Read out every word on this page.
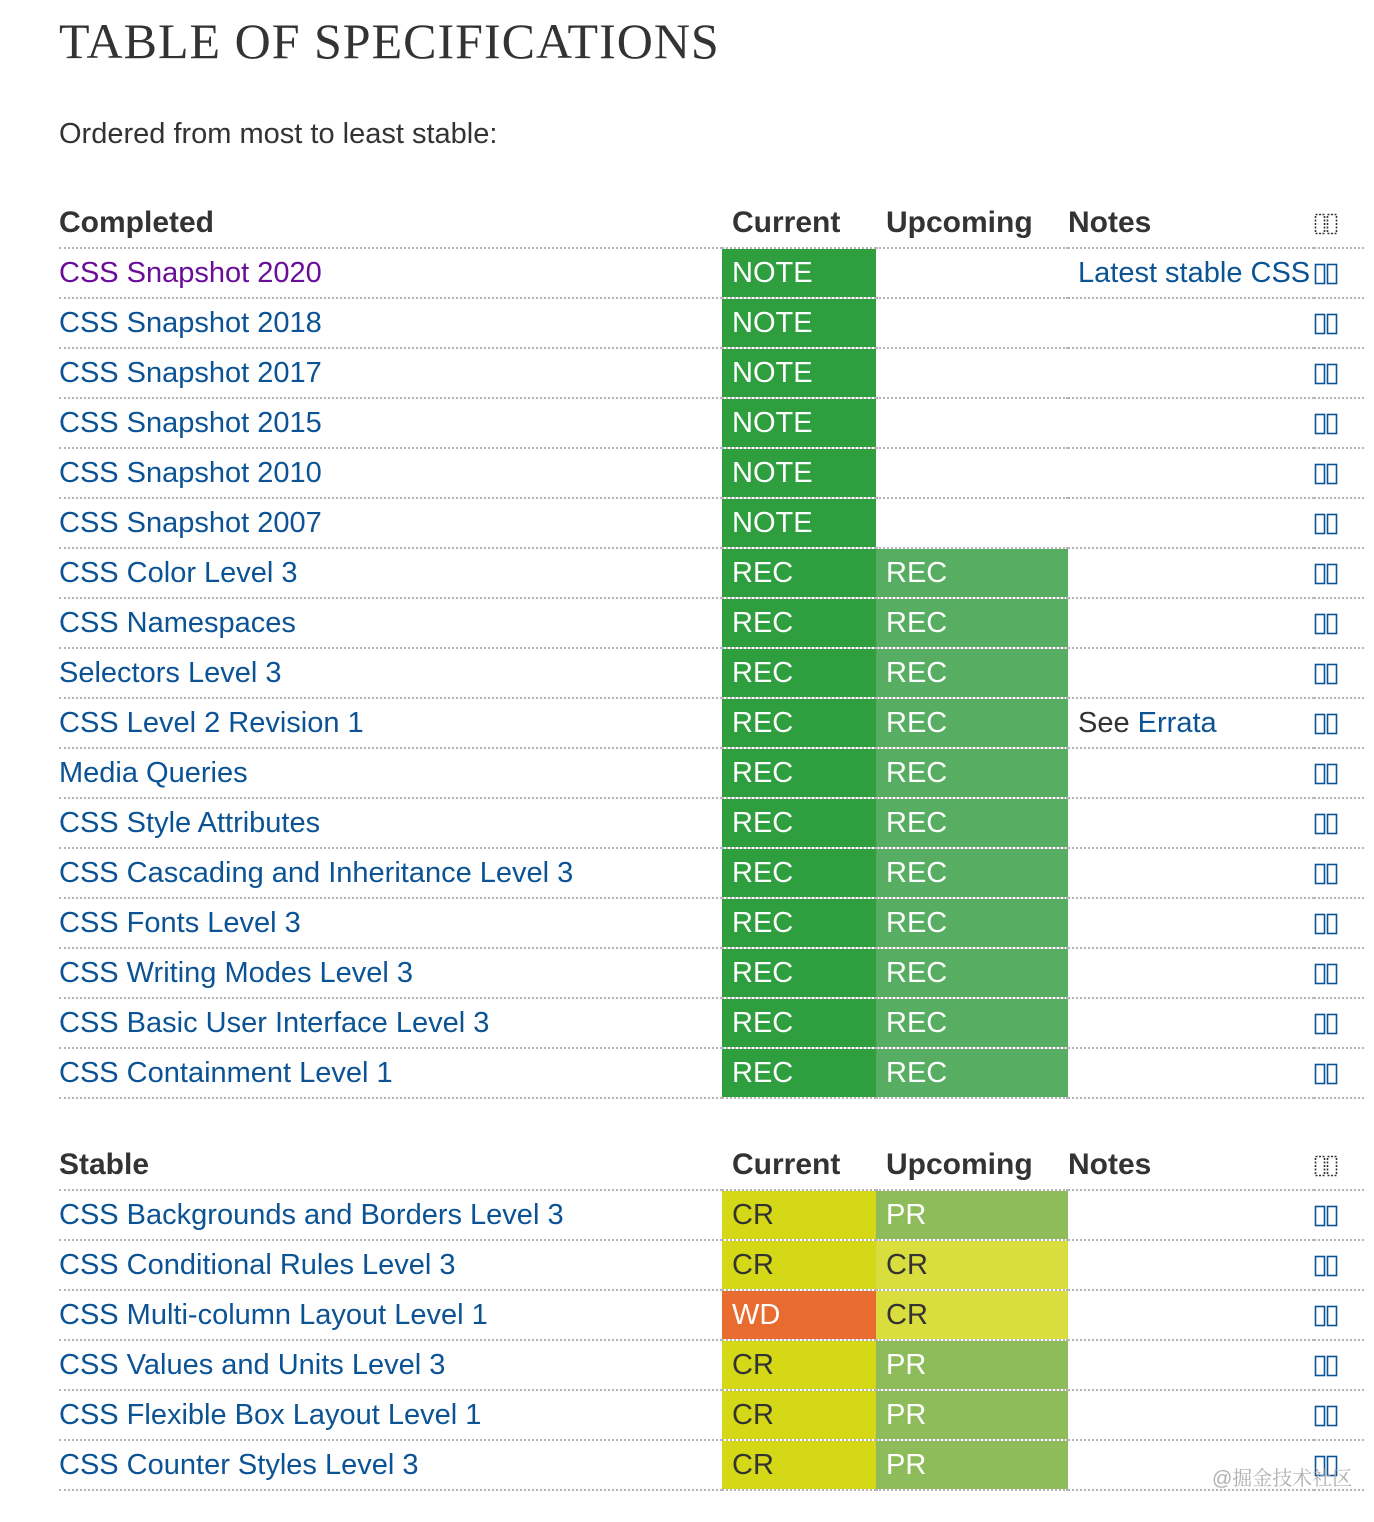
TABLE OF SPECIFICATIONS

Ordered from most to least stable:

Completed	Current	Upcoming	Notes	
CSS Snapshot 2020	NOTE		Latest stable CSS	
CSS Snapshot 2018	NOTE			
CSS Snapshot 2017	NOTE			
CSS Snapshot 2015	NOTE			
CSS Snapshot 2010	NOTE			
CSS Snapshot 2007	NOTE			
CSS Color Level 3	REC	REC		
CSS Namespaces	REC	REC		
Selectors Level 3	REC	REC		
CSS Level 2 Revision 1	REC	REC	See Errata	
Media Queries	REC	REC		
CSS Style Attributes	REC	REC		
CSS Cascading and Inheritance Level 3	REC	REC		
CSS Fonts Level 3	REC	REC		
CSS Writing Modes Level 3	REC	REC		
CSS Basic User Interface Level 3	REC	REC		
CSS Containment Level 1	REC	REC		
Stable	Current	Upcoming	Notes	
CSS Backgrounds and Borders Level 3	CR	PR		
CSS Conditional Rules Level 3	CR	CR		
CSS Multi-column Layout Level 1	WD	CR		
CSS Values and Units Level 3	CR	PR		
CSS Flexible Box Layout Level 1	CR	PR		
CSS Counter Styles Level 3	CR	PR			@掘金技术社区
